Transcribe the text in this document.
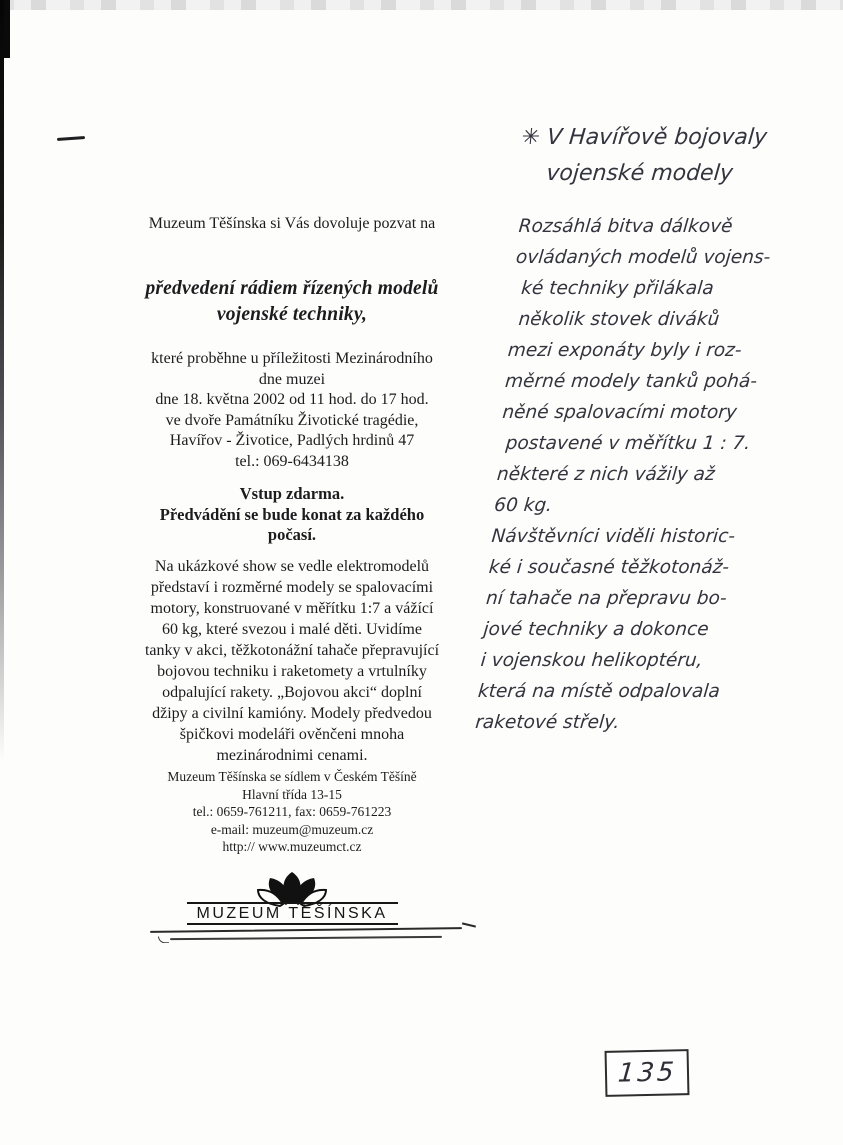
Muzeum Těšínska si Vás dovoluje pozvat na
předvedení rádiem řízených modelů
vojenské techniky,
které proběhne u příležitosti Mezinárodního
dne muzei
dne 18. května 2002 od 11 hod. do 17 hod.
ve dvoře Památníku Životické tragédie,
Havířov - Životice, Padlých hrdinů 47
tel.: 069-6434138
Vstup zdarma.
Předvádění se bude konat za každého
počasí.
Na ukázkové show se vedle elektromodelů
představí i rozměrné modely se spalovacími
motory, konstruované v měřítku 1:7 a vážící
60 kg, které svezou i malé děti. Uvidíme
tanky v akci, těžkotonážní tahače přepravující
bojovou techniku i raketomety a vrtulníky
odpalující rakety. „Bojovou akci“ doplní
džipy a civilní kamióny. Modely předvedou
špičkovi modeláři ověnčeni mnoha
mezinárodnimi cenami.
Muzeum Těšínska se sídlem v Českém Těšíně
Hlavní třída 13-15
tel.: 0659-761211, fax: 0659-761223
e-mail: muzeum@muzeum.cz
http:// www.muzeumct.cz
MUZEUM TĚŠÍNSKA
✳ V Havířově bojovaly
vojenské modely
Rozsáhlá bitva dálkově
ovládaných modelů vojens-
ké techniky přilákala
několik stovek diváků
mezi exponáty byly i roz-
měrné modely tanků pohá-
něné spalovacími motory
postavené v měřítku 1 : 7.
některé z nich vážily až
60 kg.
Návštěvníci viděli historic-
ké i současné těžkotonáž-
ní tahače na přepravu bo-
jové techniky a dokonce
i vojenskou helikoptéru,
která na místě odpalovala
raketové střely.
135
